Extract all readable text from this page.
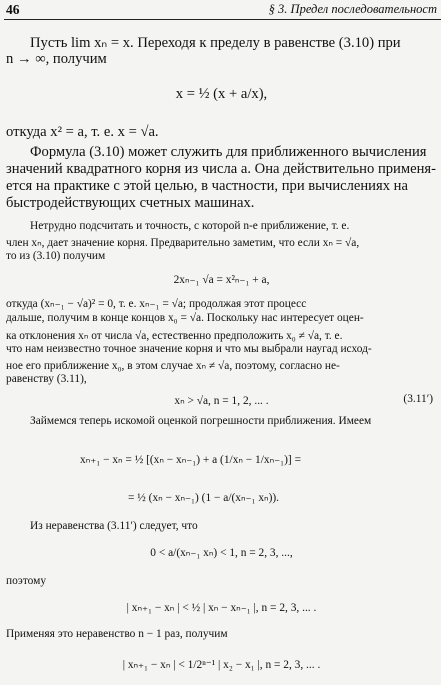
46	§ 3. Предел последовательност
Пусть lim xₙ = x. Переходя к пределу в равенстве (3.10) при
n → ∞, получим
x = ½ (x + a/x),
откуда x² = a, т. е. x = √a.
Формула (3.10) может служить для приближенного вычисления
значений квадратного корня из числа a. Она действительно применя-
ется на практике с этой целью, в частности, при вычислениях на
быстродействующих счетных машинах.
Нетрудно подсчитать и точность, с которой n-е приближение, т. е.
член xₙ, дает значение корня. Предварительно заметим, что если xₙ = √a,
то из (3.10) получим
2xₙ₋₁ √a = x²ₙ₋₁ + a,
откуда (xₙ₋₁ − √a)² = 0, т. е. xₙ₋₁ = √a; продолжая этот процесс
дальше, получим в конце концов x₀ = √a. Поскольку нас интересует оцен-
ка отклонения xₙ от числа √a, естественно предположить x₀ ≠ √a, т. е.
что нам неизвестно точное значение корня и что мы выбрали наугад исход-
ное его приближение x₀, в этом случае xₙ ≠ √a, поэтому, согласно не-
равенству (3.11),
xₙ > √a, n = 1, 2, ... .	(3.11′)
Займемся теперь искомой оценкой погрешности приближения. Имеем
xₙ₊₁ − xₙ = ½ [(xₙ − xₙ₋₁) + a (1/xₙ − 1/xₙ₋₁)] =
= ½ (xₙ − xₙ₋₁) (1 − a/(xₙ₋₁ xₙ)).
Из неравенства (3.11′) следует, что
0 < a/(xₙ₋₁ xₙ) < 1, n = 2, 3, ...,
поэтому
| xₙ₊₁ − xₙ | < ½ | xₙ − xₙ₋₁ |, n = 2, 3, ... .
Применяя это неравенство n − 1 раз, получим
| xₙ₊₁ − xₙ | < 1/2ⁿ⁻¹ | x₂ − x₁ |, n = 2, 3, ... .
